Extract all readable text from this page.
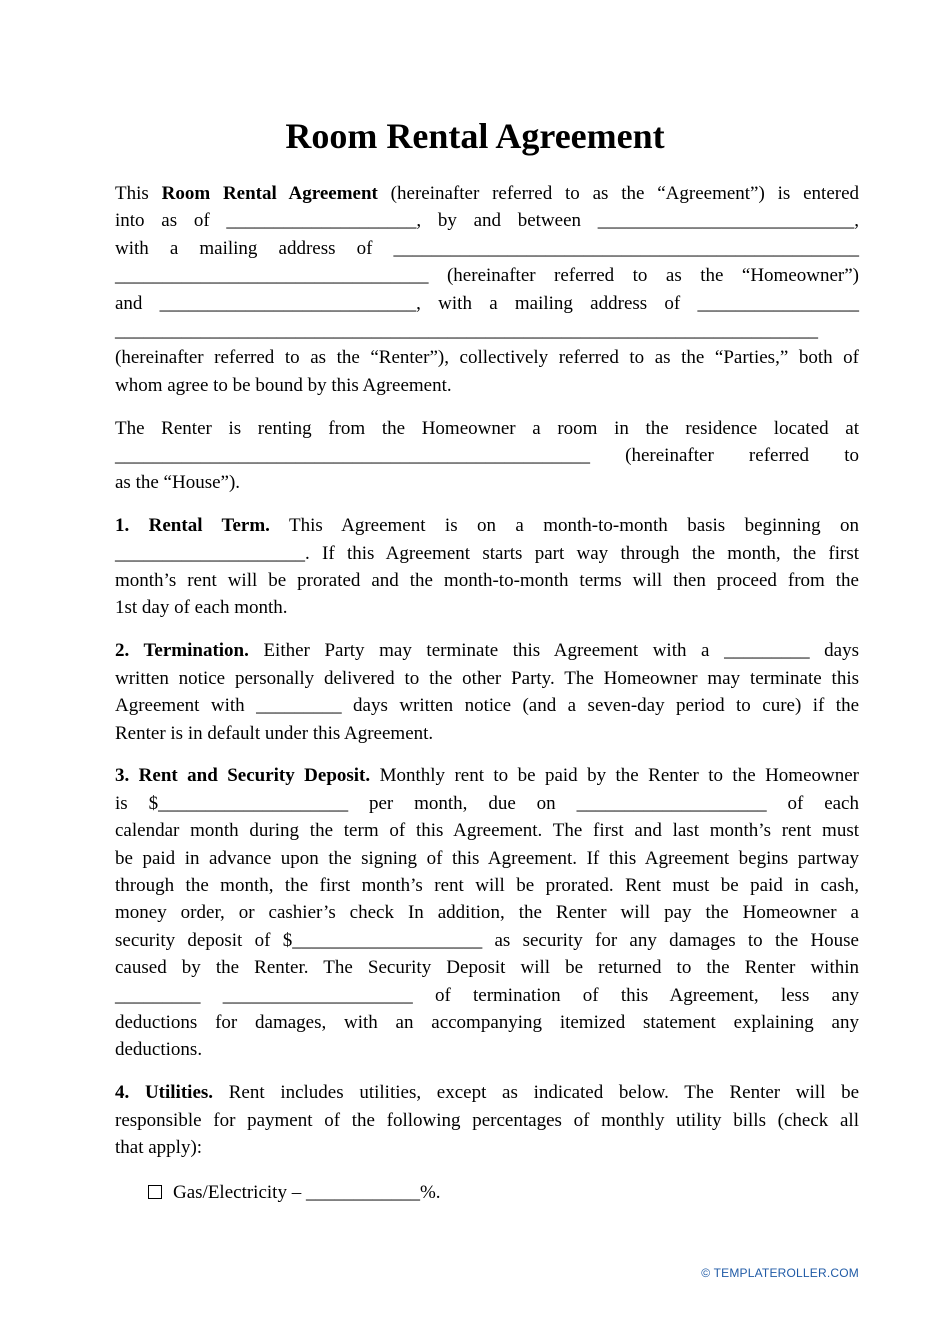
Room Rental Agreement
This Room Rental Agreement (hereinafter referred to as the “Agreement”) is entered
into as of ____________________, by and between ___________________________,
with a mailing address of _________________________________________________
_________________________________ (hereinafter referred to as the “Homeowner”)
and ___________________________, with a mailing address of _________________
__________________________________________________________________________
(hereinafter referred to as the “Renter”), collectively referred to as the “Parties,” both of
whom agree to be bound by this Agreement.
The Renter is renting from the Homeowner a room in the residence located at
__________________________________________________ (hereinafter referred to
as the “House”).
1. Rental Term. This Agreement is on a month-to-month basis beginning on
____________________. If this Agreement starts part way through the month, the first
month’s rent will be prorated and the month-to-month terms will then proceed from the
1st day of each month.
2. Termination. Either Party may terminate this Agreement with a _________ days
written notice personally delivered to the other Party. The Homeowner may terminate this
Agreement with _________ days written notice (and a seven-day period to cure) if the
Renter is in default under this Agreement.
3. Rent and Security Deposit. Monthly rent to be paid by the Renter to the Homeowner
is $____________________ per month, due on ____________________ of each
calendar month during the term of this Agreement. The first and last month’s rent must
be paid in advance upon the signing of this Agreement. If this Agreement begins partway
through the month, the first month’s rent will be prorated. Rent must be paid in cash,
money order, or cashier’s check In addition, the Renter will pay the Homeowner a
security deposit of $____________________ as security for any damages to the House
caused by the Renter. The Security Deposit will be returned to the Renter within
_________ ____________________ of termination of this Agreement, less any
deductions for damages, with an accompanying itemized statement explaining any
deductions.
4. Utilities. Rent includes utilities, except as indicated below. The Renter will be
responsible for payment of the following percentages of monthly utility bills (check all
that apply):
Gas/Electricity – ____________%.
© TEMPLATEROLLER.COM
